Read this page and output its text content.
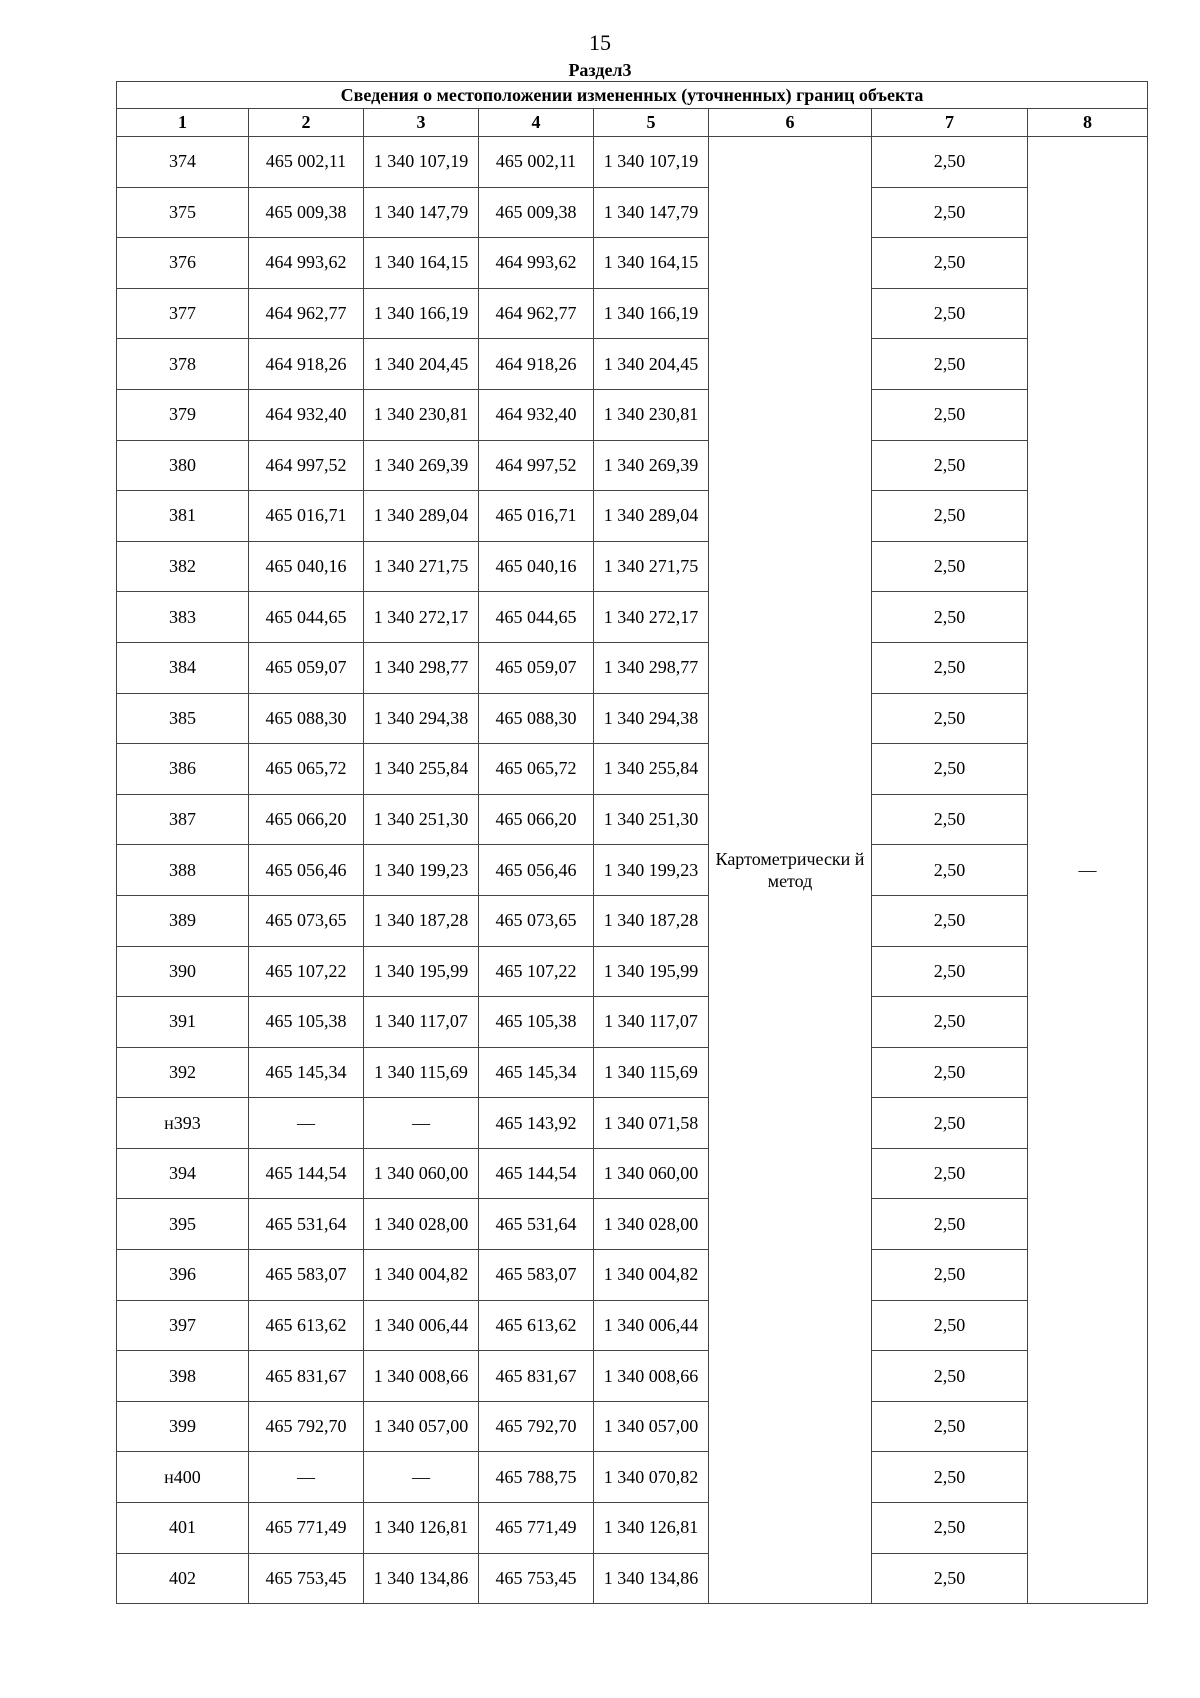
15
Раздел3
Сведения о местоположении измененных (уточненных) границ объекта							
1	2	3	4	5	6	7	8
374	465 002,11	1 340 107,19	465 002,11	1 340 107,19	Картометрически й метод	2,50	—
375	465 009,38	1 340 147,79	465 009,38	1 340 147,79		2,50	
376	464 993,62	1 340 164,15	464 993,62	1 340 164,15		2,50	
377	464 962,77	1 340 166,19	464 962,77	1 340 166,19		2,50	
378	464 918,26	1 340 204,45	464 918,26	1 340 204,45		2,50	
379	464 932,40	1 340 230,81	464 932,40	1 340 230,81		2,50	
380	464 997,52	1 340 269,39	464 997,52	1 340 269,39		2,50	
381	465 016,71	1 340 289,04	465 016,71	1 340 289,04		2,50	
382	465 040,16	1 340 271,75	465 040,16	1 340 271,75		2,50	
383	465 044,65	1 340 272,17	465 044,65	1 340 272,17		2,50	
384	465 059,07	1 340 298,77	465 059,07	1 340 298,77		2,50	
385	465 088,30	1 340 294,38	465 088,30	1 340 294,38		2,50	
386	465 065,72	1 340 255,84	465 065,72	1 340 255,84		2,50	
387	465 066,20	1 340 251,30	465 066,20	1 340 251,30		2,50	
388	465 056,46	1 340 199,23	465 056,46	1 340 199,23		2,50	
389	465 073,65	1 340 187,28	465 073,65	1 340 187,28		2,50	
390	465 107,22	1 340 195,99	465 107,22	1 340 195,99		2,50	
391	465 105,38	1 340 117,07	465 105,38	1 340 117,07		2,50	
392	465 145,34	1 340 115,69	465 145,34	1 340 115,69		2,50	
н393	—	—	465 143,92	1 340 071,58		2,50	
394	465 144,54	1 340 060,00	465 144,54	1 340 060,00		2,50	
395	465 531,64	1 340 028,00	465 531,64	1 340 028,00		2,50	
396	465 583,07	1 340 004,82	465 583,07	1 340 004,82		2,50	
397	465 613,62	1 340 006,44	465 613,62	1 340 006,44		2,50	
398	465 831,67	1 340 008,66	465 831,67	1 340 008,66		2,50	
399	465 792,70	1 340 057,00	465 792,70	1 340 057,00		2,50	
н400	—	—	465 788,75	1 340 070,82		2,50	
401	465 771,49	1 340 126,81	465 771,49	1 340 126,81		2,50	
402	465 753,45	1 340 134,86	465 753,45	1 340 134,86		2,50	
